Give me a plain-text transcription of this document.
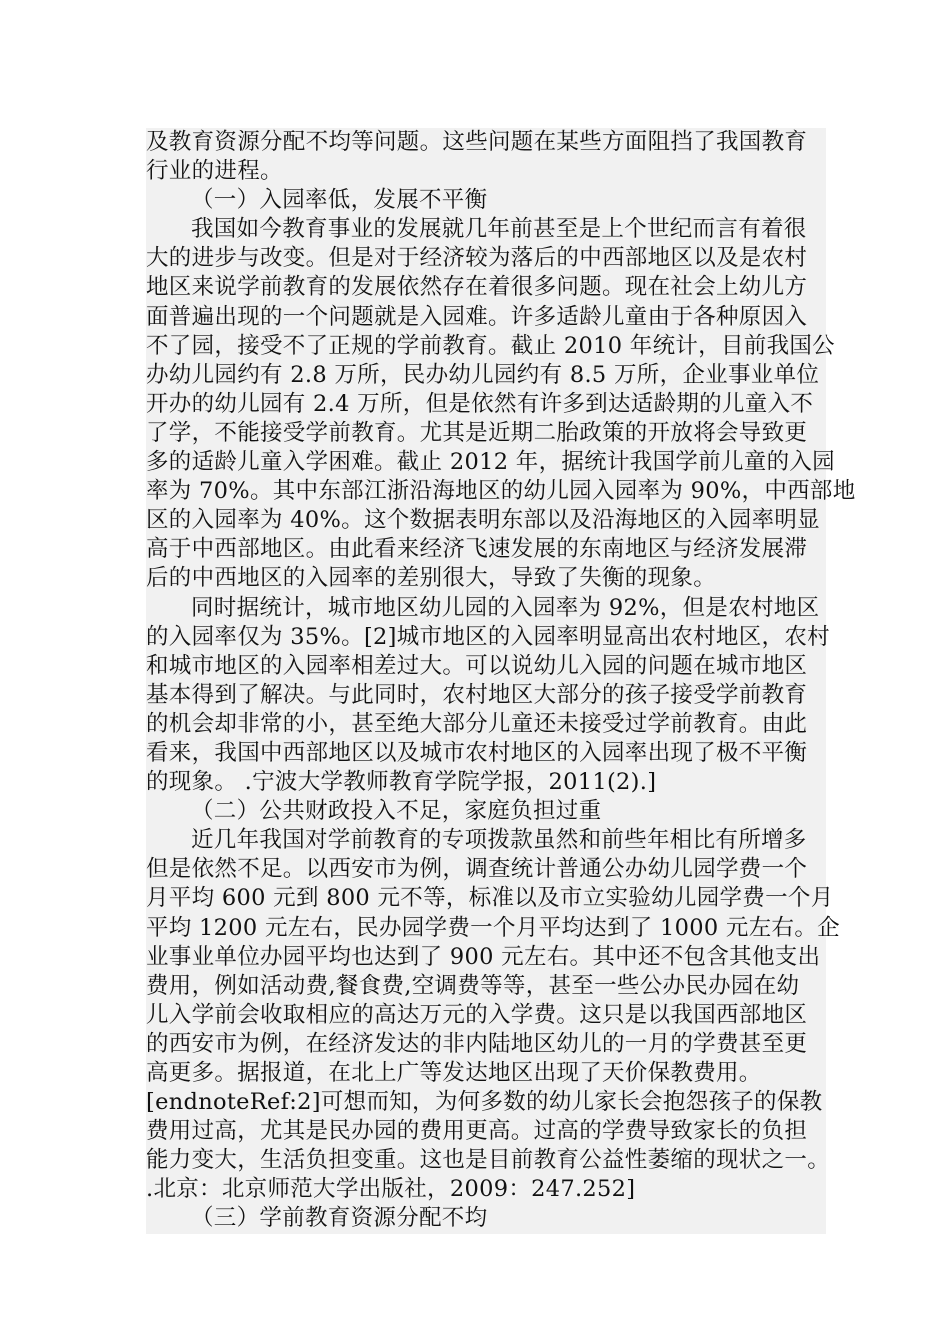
及教育资源分配不均等问题。这些问题在某些方面阻挡了我国教育
行业的进程。
（一）入园率低，发展不平衡
我国如今教育事业的发展就几年前甚至是上个世纪而言有着很
大的进步与改变。但是对于经济较为落后的中西部地区以及是农村
地区来说学前教育的发展依然存在着很多问题。现在社会上幼儿方
面普遍出现的一个问题就是入园难。许多适龄儿童由于各种原因入
不了园，接受不了正规的学前教育。截止 2010 年统计，目前我国公
办幼儿园约有 2.8 万所，民办幼儿园约有 8.5 万所，企业事业单位
开办的幼儿园有 2.4 万所，但是依然有许多到达适龄期的儿童入不
了学，不能接受学前教育。尤其是近期二胎政策的开放将会导致更
多的适龄儿童入学困难。截止 2012 年，据统计我国学前儿童的入园
率为 70%。其中东部江浙沿海地区的幼儿园入园率为 90%，中西部地
区的入园率为 40%。这个数据表明东部以及沿海地区的入园率明显
高于中西部地区。由此看来经济飞速发展的东南地区与经济发展滞
后的中西地区的入园率的差别很大，导致了失衡的现象。
同时据统计，城市地区幼儿园的入园率为 92%，但是农村地区
的入园率仅为 35%。[2]城市地区的入园率明显高出农村地区，农村
和城市地区的入园率相差过大。可以说幼儿入园的问题在城市地区
基本得到了解决。与此同时，农村地区大部分的孩子接受学前教育
的机会却非常的小，甚至绝大部分儿童还未接受过学前教育。由此
看来，我国中西部地区以及城市农村地区的入园率出现了极不平衡
的现象。 .宁波大学教师教育学院学报，2011(2).]
（二）公共财政投入不足，家庭负担过重
近几年我国对学前教育的专项拨款虽然和前些年相比有所增多
但是依然不足。以西安市为例，调查统计普通公办幼儿园学费一个
月平均 600 元到 800 元不等，标准以及市立实验幼儿园学费一个月
平均 1200 元左右，民办园学费一个月平均达到了 1000 元左右。企
业事业单位办园平均也达到了 900 元左右。其中还不包含其他支出
费用，例如活动费,餐食费,空调费等等，甚至一些公办民办园在幼
儿入学前会收取相应的高达万元的入学费。这只是以我国西部地区
的西安市为例，在经济发达的非内陆地区幼儿的一月的学费甚至更
高更多。据报道，在北上广等发达地区出现了天价保教费用。
[endnoteRef:2]可想而知，为何多数的幼儿家长会抱怨孩子的保教
费用过高，尤其是民办园的费用更高。过高的学费导致家长的负担
能力变大，生活负担变重。这也是目前教育公益性萎缩的现状之一。
.北京：北京师范大学出版社，2009：247.252]
（三）学前教育资源分配不均
